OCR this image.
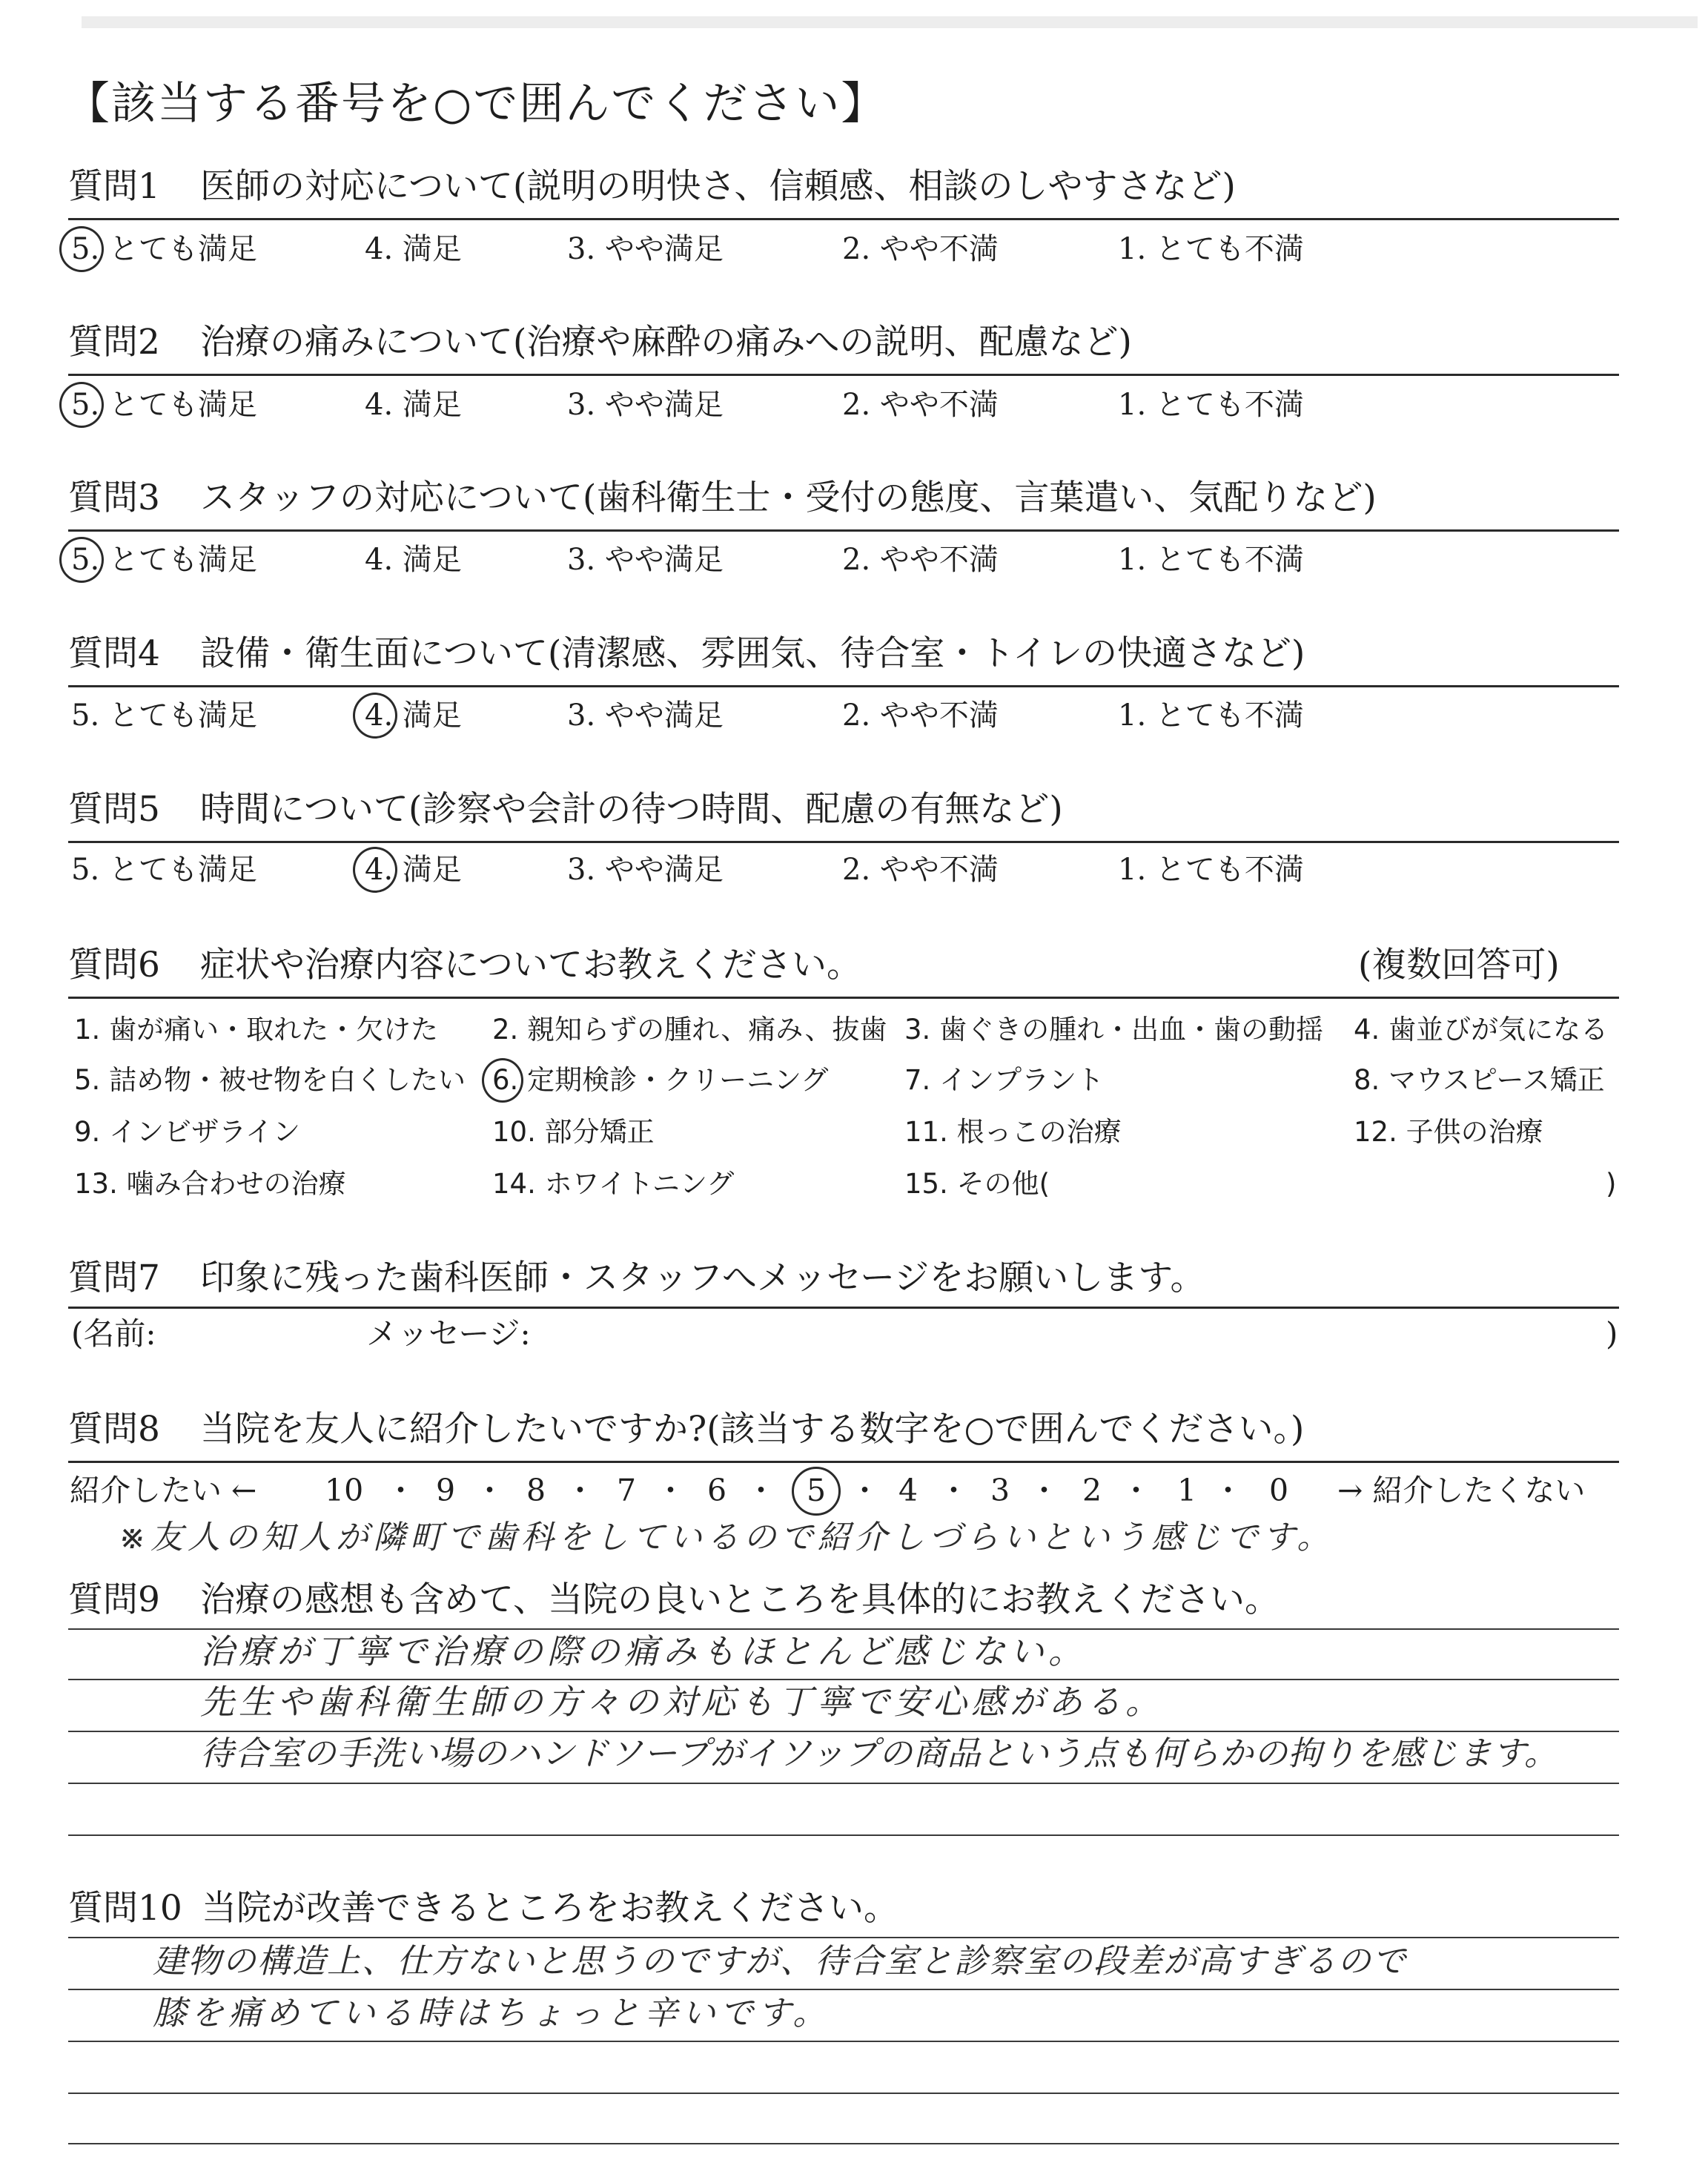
【該当する番号を○で囲んでください】
質問1 医師の対応について(説明の明快さ、信頼感、相談のしやすさなど)
5. とても満足	4. 満足	3. やや満足	2. やや不満	1. とても不満
質問2 治療の痛みについて(治療や麻酔の痛みへの説明、配慮など)
5. とても満足	4. 満足	3. やや満足	2. やや不満	1. とても不満
質問3 スタッフの対応について(歯科衛生士・受付の態度、言葉遣い、気配りなど)
5. とても満足	4. 満足	3. やや満足	2. やや不満	1. とても不満
質問4 設備・衛生面について(清潔感、雰囲気、待合室・トイレの快適さなど)
5. とても満足	4. 満足	3. やや満足	2. やや不満	1. とても不満
質問5 時間について(診察や会計の待つ時間、配慮の有無など)
5. とても満足	4. 満足	3. やや満足	2. やや不満	1. とても不満
質問6 症状や治療内容についてお教えください。	(複数回答可)
1. 歯が痛い・取れた・欠けた 2. 親知らずの腫れ、痛み、抜歯 3. 歯ぐきの腫れ・出血・歯の動揺 4. 歯並びが気になる
5. 詰め物・被せ物を白くしたい 6. 定期検診・クリーニング	7. インプラント	8. マウスピース矯正
9. インビザライン	10. 部分矯正	11. 根っこの治療	12. 子供の治療
13. 噛み合わせの治療	14. ホワイトニング	15. その他(	)
質問7 印象に残った歯科医師・スタッフへメッセージをお願いします。
(名前:	メッセージ:	)
質問8 当院を友人に紹介したいですか?(該当する数字を○で囲んでください。)
紹介したい ← 10 ・ 9 ・ 8 ・ 7 ・ 6 ・ 5 ・ 4 ・ 3 ・ 2 ・ 1 ・ 0 → 紹介したくない
※友人の知人が隣町で歯科をしているので紹介しづらいという感じです。
質問9 治療の感想も含めて、当院の良いところを具体的にお教えください。
治療が丁寧で治療の際の痛みもほとんど感じない。
先生や歯科衛生師の方々の対応も丁寧で安心感がある。
待合室の手洗い場のハンドソープがイソップの商品という点も何らかの拘りを感じます。
質問10 当院が改善できるところをお教えください。
建物の構造上、仕方ないと思うのですが、待合室と診察室の段差が高すぎるので
膝を痛めている時はちょっと辛いです。
